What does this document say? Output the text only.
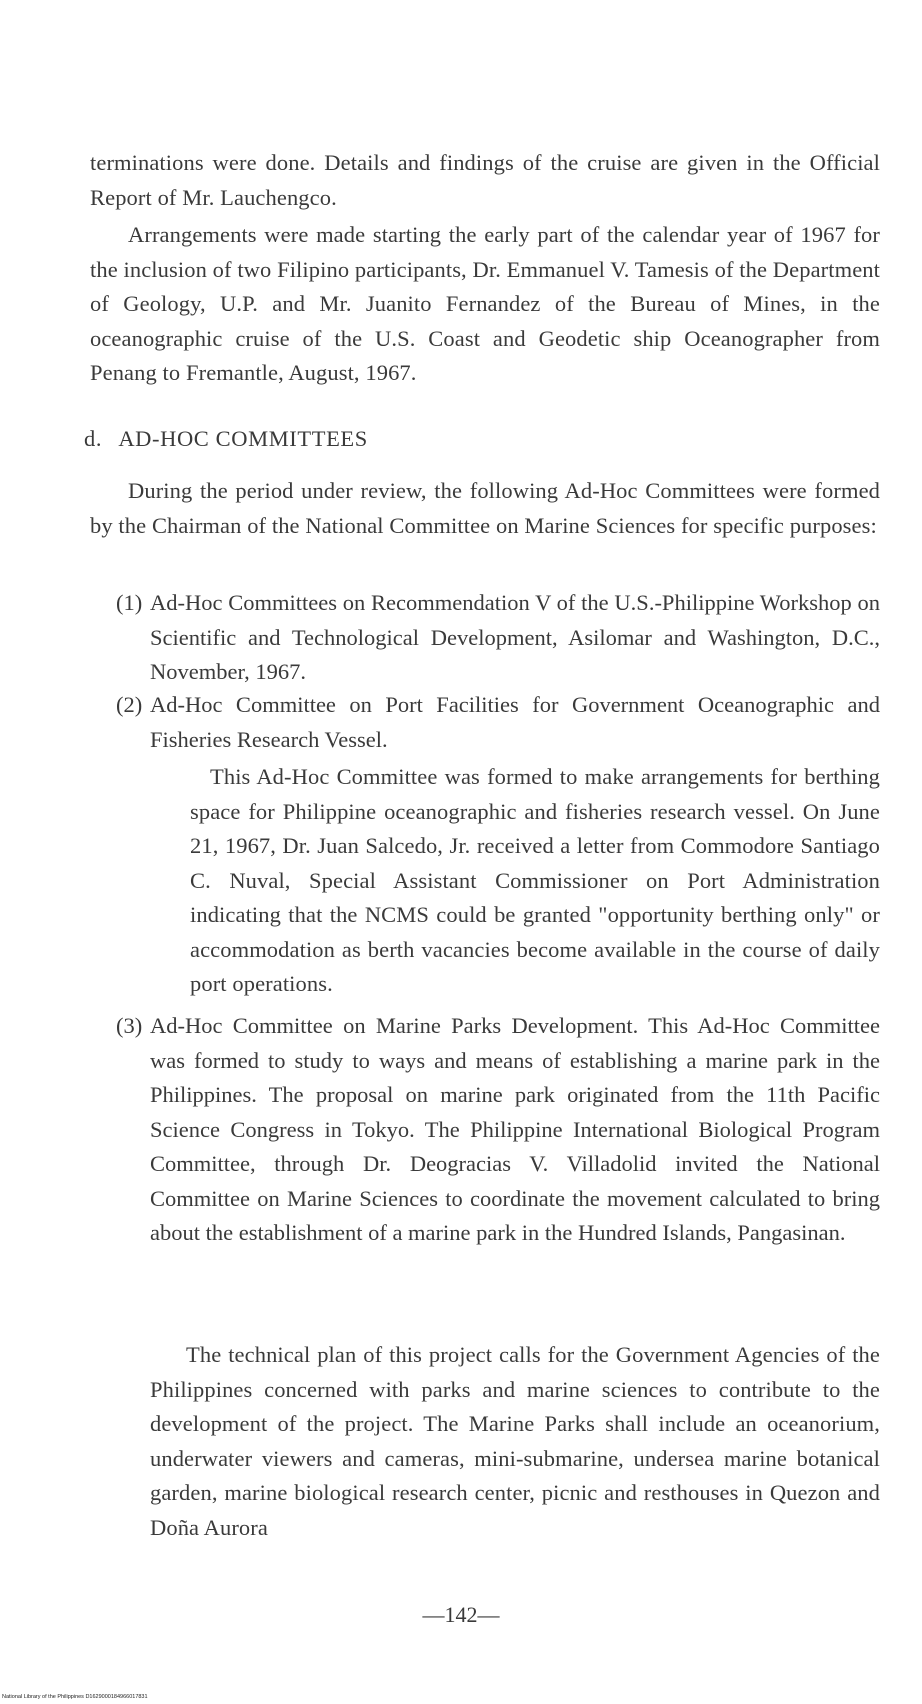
terminations were done. Details and findings of the cruise are given in the Official Report of Mr. Lauchengco.

Arrangements were made starting the early part of the calendar year of 1967 for the inclusion of two Filipino participants, Dr. Emmanuel V. Tamesis of the Department of Geology, U.P. and Mr. Juanito Fernandez of the Bureau of Mines, in the oceanographic cruise of the U.S. Coast and Geodetic ship Oceanographer from Penang to Fremantle, August, 1967.

d. AD-HOC COMMITTEES

During the period under review, the following Ad-Hoc Committees were formed by the Chairman of the National Committee on Marine Sciences for specific purposes:

(1) Ad-Hoc Committees on Recommendation V of the U.S.-Philippine Workshop on Scientific and Technological Development, Asilomar and Washington, D.C., November, 1967.
(2) Ad-Hoc Committee on Port Facilities for Government Oceanographic and Fisheries Research Vessel.

This Ad-Hoc Committee was formed to make arrangements for berthing space for Philippine oceanographic and fisheries research vessel. On June 21, 1967, Dr. Juan Salcedo, Jr. received a letter from Commodore Santiago C. Nuval, Special Assistant Commissioner on Port Administration indicating that the NCMS could be granted "opportunity berthing only" or accommodation as berth vacancies become available in the course of daily port operations.

(3) Ad-Hoc Committee on Marine Parks Development. This Ad-Hoc Committee was formed to study to ways and means of establishing a marine park in the Philippines. The proposal on marine park originated from the 11th Pacific Science Congress in Tokyo. The Philippine International Biological Program Committee, through Dr. Deogracias V. Villadolid invited the National Committee on Marine Sciences to coordinate the movement calculated to bring about the establishment of a marine park in the Hundred Islands, Pangasinan.

The technical plan of this project calls for the Government Agencies of the Philippines concerned with parks and marine sciences to contribute to the development of the project. The Marine Parks shall include an oceanorium, underwater viewers and cameras, mini-submarine, undersea marine botanical garden, marine biological research center, picnic and resthouses in Quezon and Doña Aurora

—142—
National Library of the Philippines D1629000184966017831
